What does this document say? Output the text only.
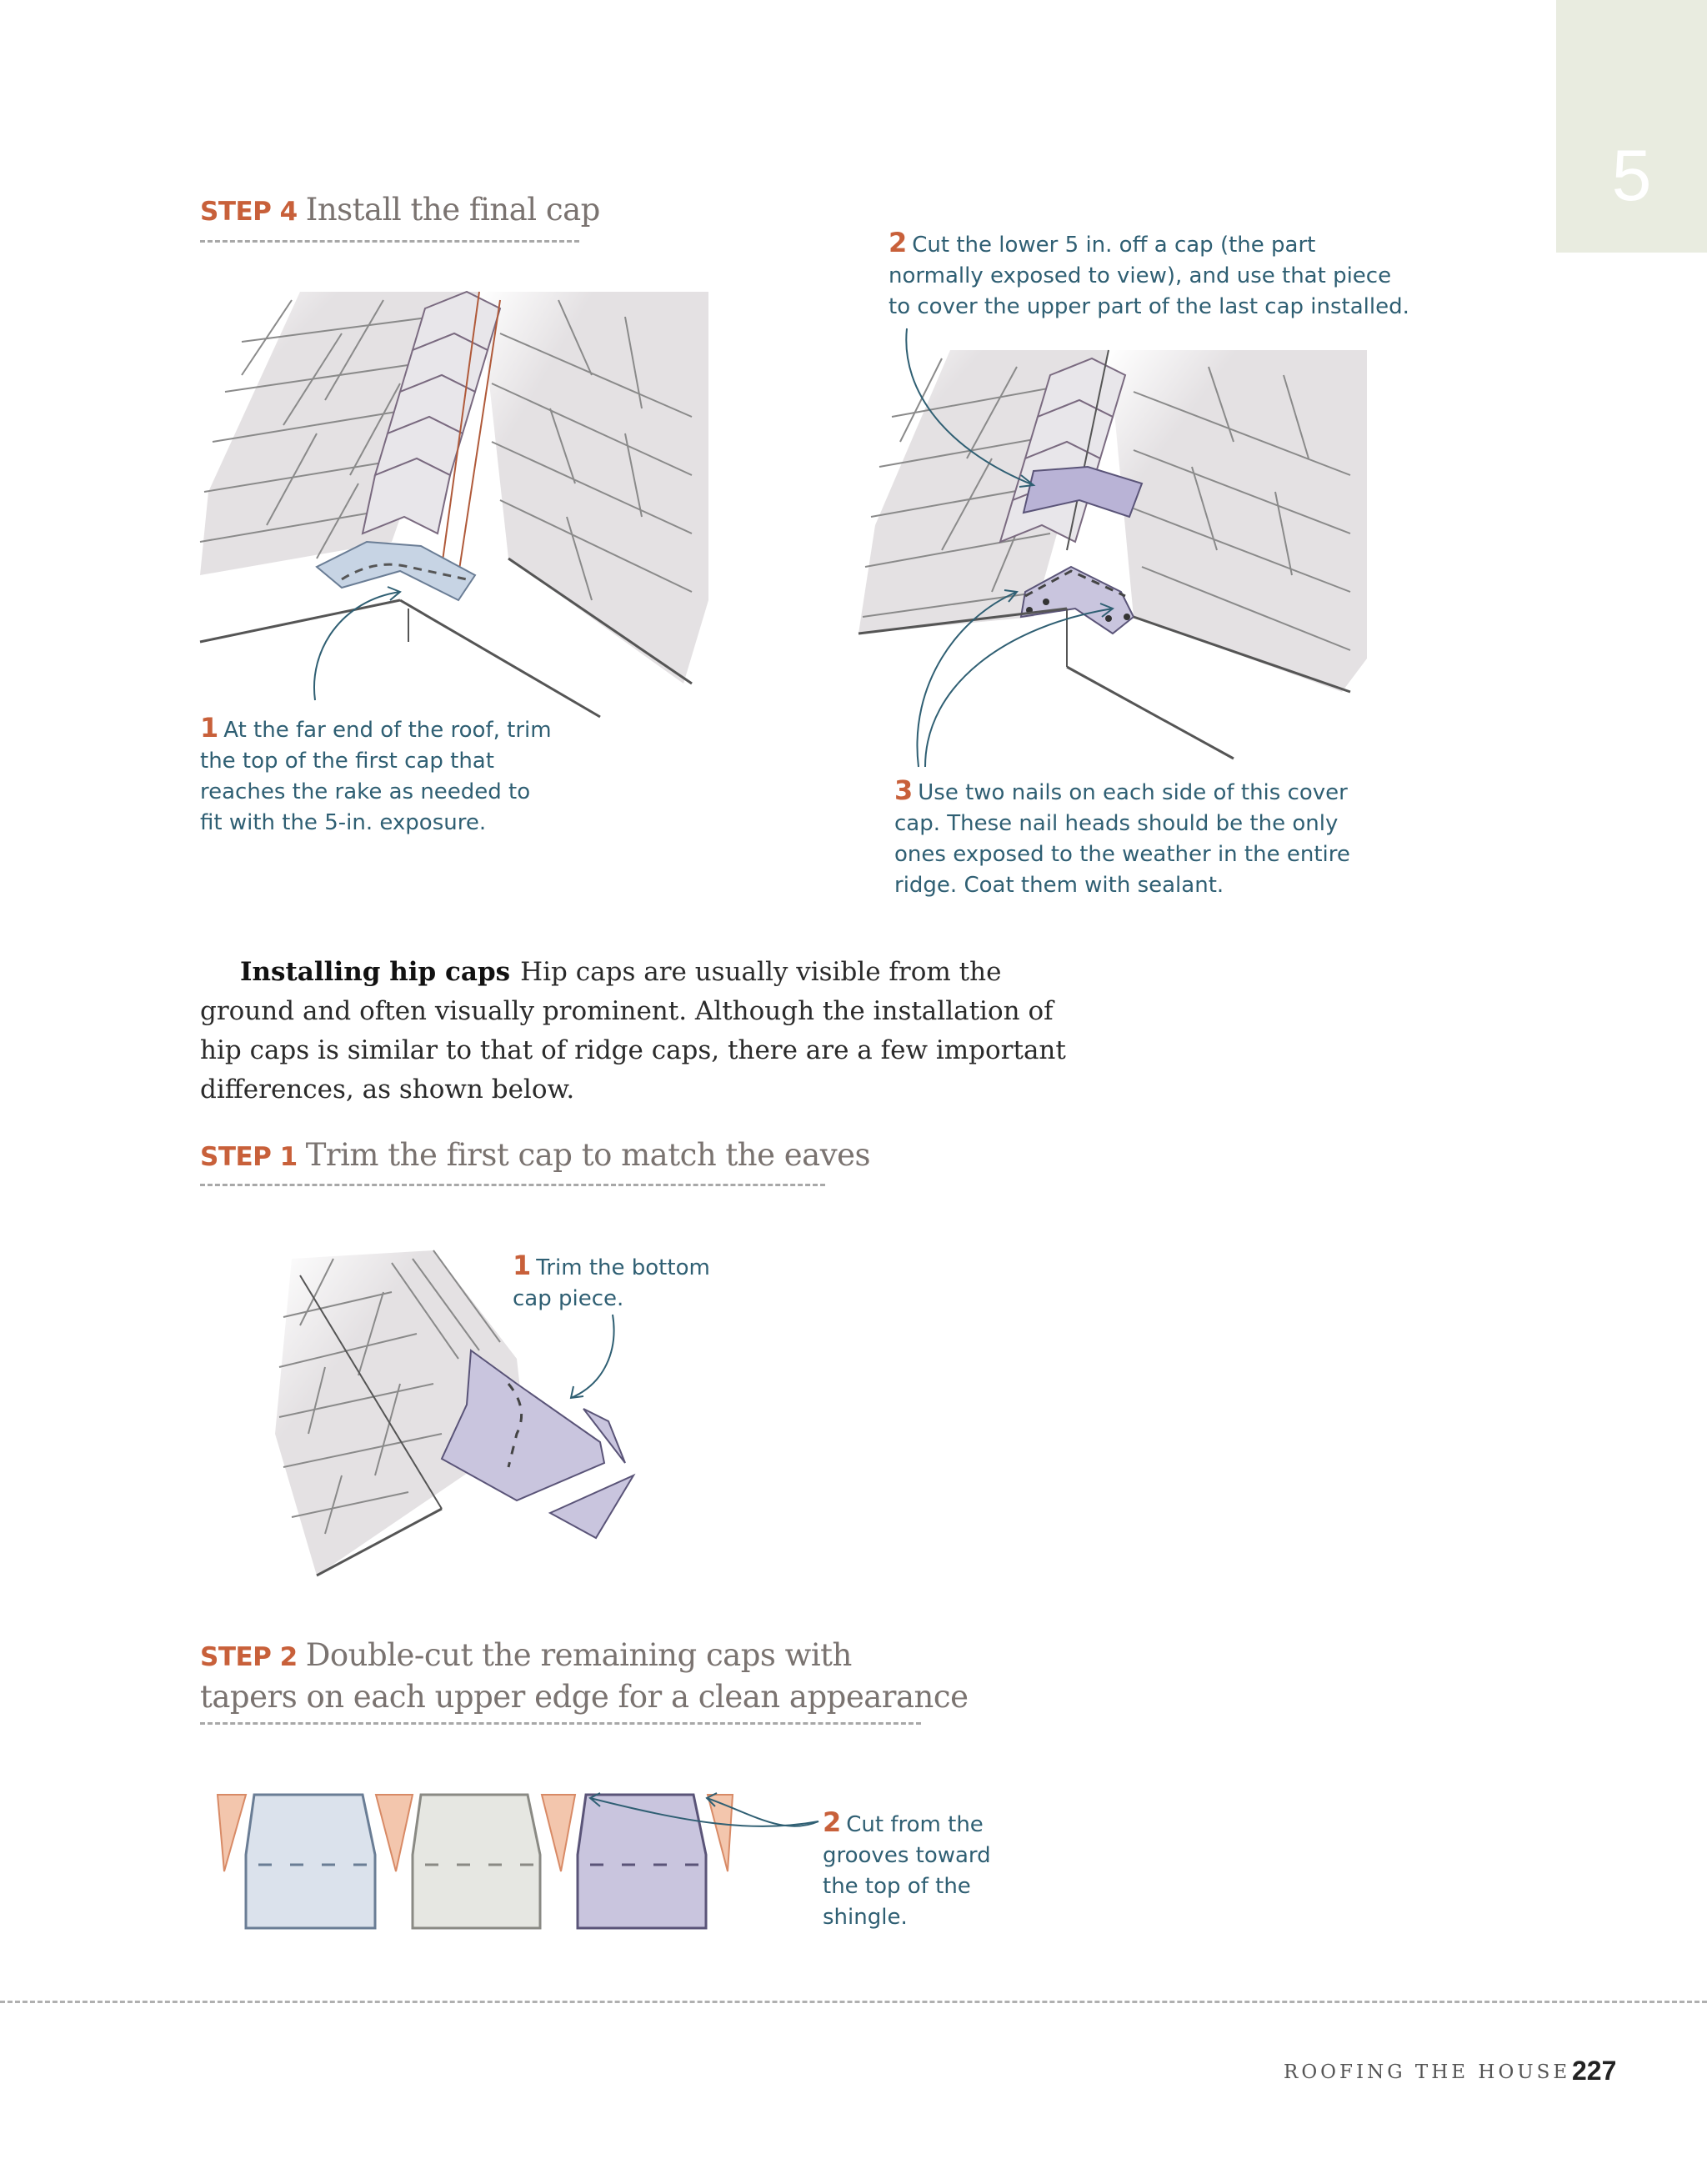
5
STEP 4 Install the final cap
1 At the far end of the roof, trim the top of the first cap that reaches the rake as needed to fit with the 5-in. exposure.
2 Cut the lower 5 in. off a cap (the part normally exposed to view), and use that piece to cover the upper part of the last cap installed.
3 Use two nails on each side of this cover cap. These nail heads should be the only ones exposed to the weather in the entire ridge. Coat them with sealant.
Installing hip caps Hip caps are usually visible from the ground and often visually prominent. Although the installation of hip caps is similar to that of ridge caps, there are a few important differences, as shown below.
STEP 1 Trim the first cap to match the eaves
1 Trim the bottom cap piece.
STEP 2 Double-cut the remaining caps with
tapers on each upper edge for a clean appearance
2 Cut from the grooves toward the top of the shingle.
ROOFING THE HOUSE 227
